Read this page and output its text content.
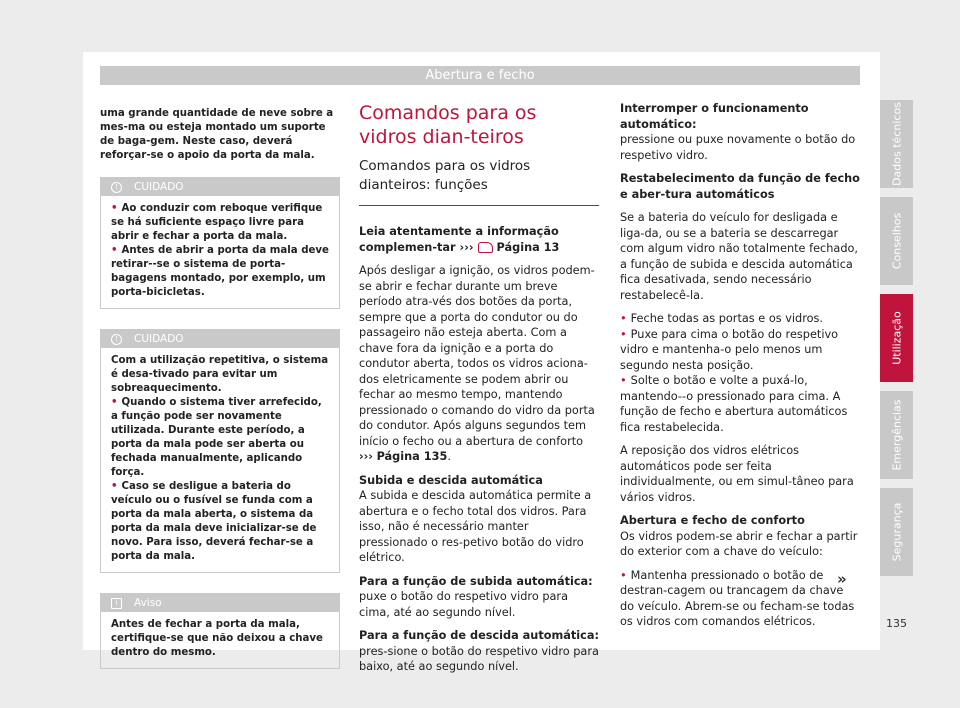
Abertura e fecho

uma grande quantidade de neve sobre a mes-ma ou esteja montado um suporte de baga-gem. Neste caso, deverá reforçar-se o apoio da porta da mala.

! CUIDADO
• Ao conduzir com reboque verifique se há suficiente espaço livre para abrir e fechar a porta da mala.
• Antes de abrir a porta da mala deve retirar--se o sistema de porta-bagagens montado, por exemplo, um porta-bicicletas.
! CUIDADO
Com a utilização repetitiva, o sistema é desa-tivado para evitar um sobreaquecimento.
• Quando o sistema tiver arrefecido, a função pode ser novamente utilizada. Durante este período, a porta da mala pode ser aberta ou fechada manualmente, aplicando força.
• Caso se desligue a bateria do veículo ou o fusível se funda com a porta da mala aberta, o sistema da porta da mala deve inicializar-se de novo. Para isso, deverá fechar-se a porta da mala.
i Aviso
Antes de fechar a porta da mala, certifique-se que não deixou a chave dentro do mesmo.
Comandos para os vidros dian-teiros
Comandos para os vidros dianteiros: funções

Leia atentamente a informação complemen-tar ››› Página 13

Após desligar a ignição, os vidros podem-se abrir e fechar durante um breve período atra-vés dos botões da porta, sempre que a porta do condutor ou do passageiro não esteja aberta. Com a chave fora da ignição e a porta do condutor aberta, todos os vidros aciona-dos eletricamente se podem abrir ou fechar ao mesmo tempo, mantendo pressionado o comando do vidro da porta do condutor. Após alguns segundos tem início o fecho ou a abertura de conforto ››› Página 135.

Subida e descida automática

A subida e descida automática permite a abertura e o fecho total dos vidros. Para isso, não é necessário manter pressionado o res-petivo botão do vidro elétrico.

Para a função de subida automática: puxe o botão do respetivo vidro para cima, até ao segundo nível.

Para a função de descida automática: pres-sione o botão do respetivo vidro para baixo, até ao segundo nível.

Interromper o funcionamento automático:

pressione ou puxe novamente o botão do respetivo vidro.

Restabelecimento da função de fecho e aber-tura automáticos

Se a bateria do veículo for desligada e liga-da, ou se a bateria se descarregar com algum vidro não totalmente fechado, a função de subida e descida automática fica desativada, sendo necessário restabelecê-la.

• Feche todas as portas e os vidros.

• Puxe para cima o botão do respetivo vidro e mantenha-o pelo menos um segundo nesta posição.

• Solte o botão e volte a puxá-lo, mantendo--o pressionado para cima. A função de fecho e abertura automáticos fica restabelecida.

A reposição dos vidros elétricos automáticos pode ser feita individualmente, ou em simul-tâneo para vários vidros.

Abertura e fecho de conforto

Os vidros podem-se abrir e fechar a partir do exterior com a chave do veículo:

• Mantenha pressionado o botão de destran-cagem ou trancagem da chave do veículo. Abrem-se ou fecham-se todas os vidros com comandos elétricos.

»
Dados técnicos
Conselhos
Utilização
Emergências
Segurança
135
